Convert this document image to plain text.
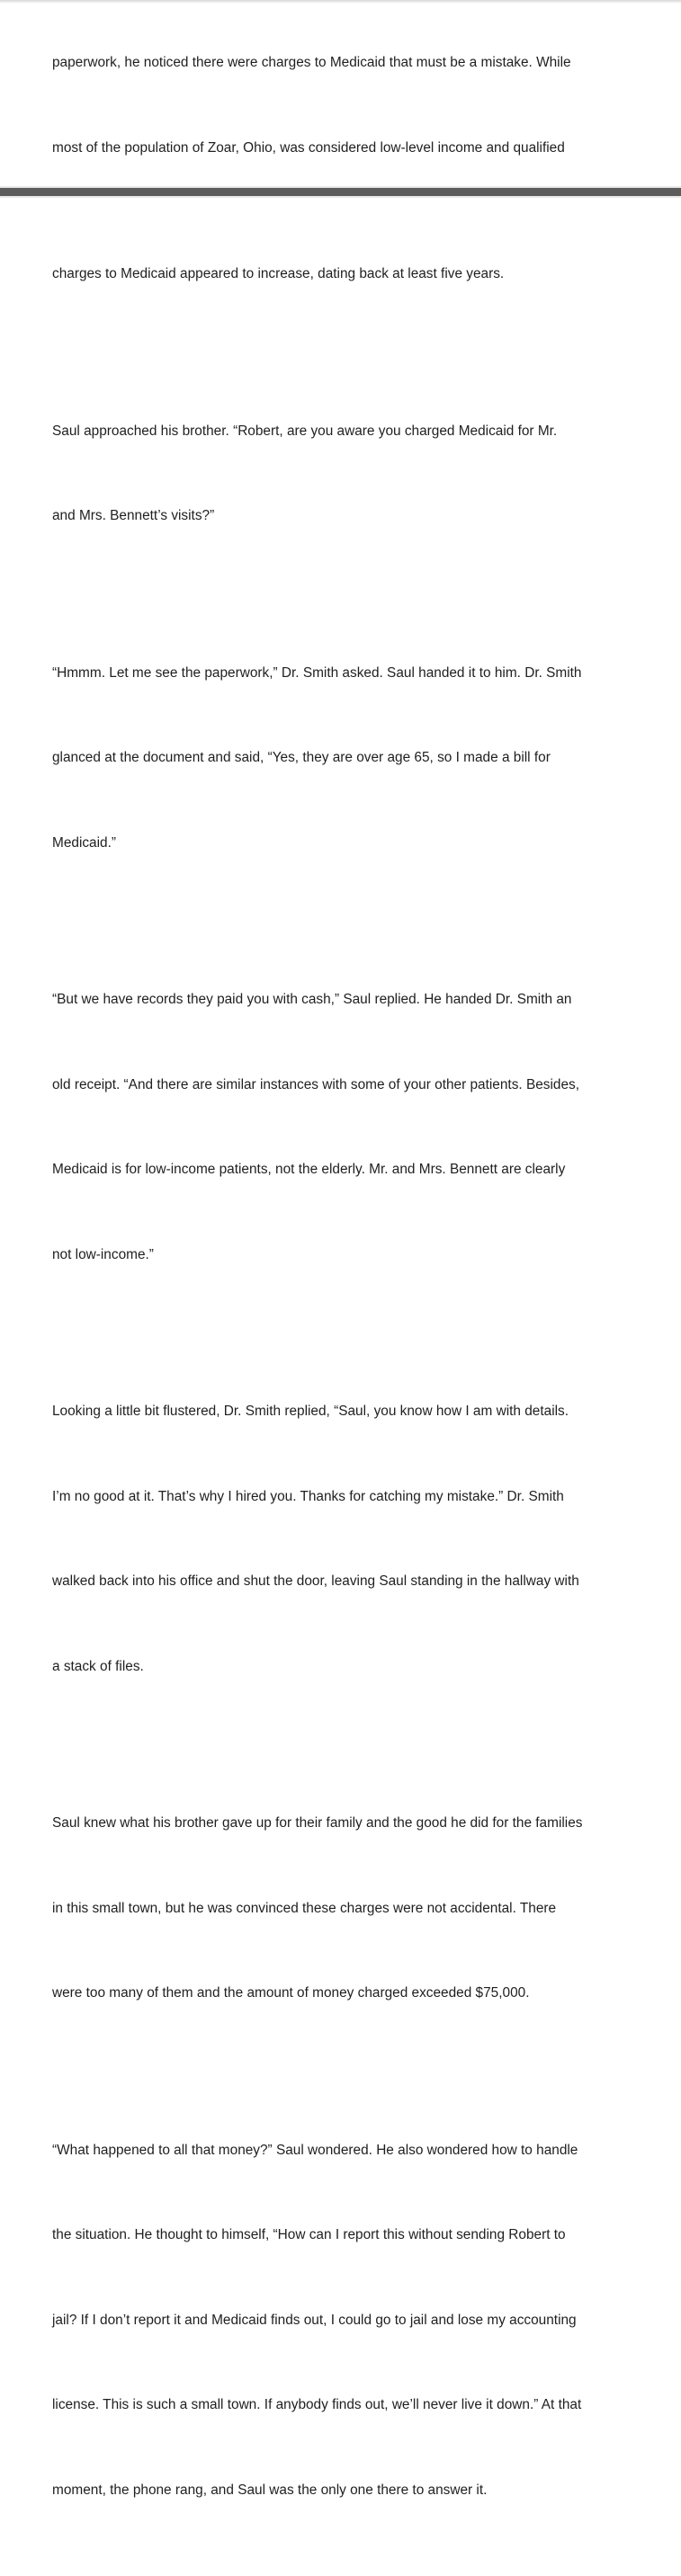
paperwork, he noticed there were charges to Medicaid that must be a mistake. While

most of the population of Zoar, Ohio, was considered low-level income and qualified

charges to Medicaid appeared to increase, dating back at least five years.

Saul approached his brother. “Robert, are you aware you charged Medicaid for Mr.

and Mrs. Bennett’s visits?”

“Hmmm. Let me see the paperwork,” Dr. Smith asked. Saul handed it to him. Dr. Smith

glanced at the document and said, “Yes, they are over age 65, so I made a bill for

Medicaid.”

“But we have records they paid you with cash,” Saul replied. He handed Dr. Smith an

old receipt. “And there are similar instances with some of your other patients. Besides,

Medicaid is for low-income patients, not the elderly. Mr. and Mrs. Bennett are clearly

not low-income.”

Looking a little bit flustered, Dr. Smith replied, “Saul, you know how I am with details.

I’m no good at it. That’s why I hired you. Thanks for catching my mistake.” Dr. Smith

walked back into his office and shut the door, leaving Saul standing in the hallway with

a stack of files.

Saul knew what his brother gave up for their family and the good he did for the families

in this small town, but he was convinced these charges were not accidental. There

were too many of them and the amount of money charged exceeded $75,000.

“What happened to all that money?” Saul wondered. He also wondered how to handle

the situation. He thought to himself, “How can I report this without sending Robert to

jail? If I don’t report it and Medicaid finds out, I could go to jail and lose my accounting

license. This is such a small town. If anybody finds out, we’ll never live it down.” At that

moment, the phone rang, and Saul was the only one there to answer it.
